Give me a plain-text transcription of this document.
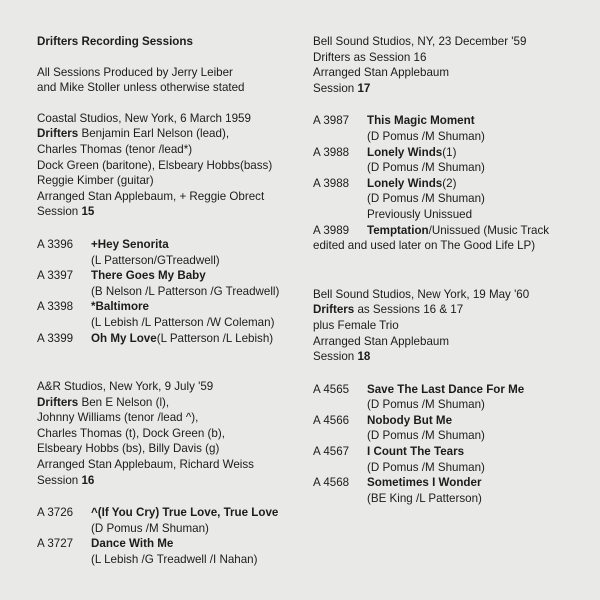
Drifters Recording Sessions
All Sessions Produced by Jerry Leiber
and Mike Stoller unless otherwise stated
Coastal Studios, New York, 6 March 1959
Drifters Benjamin Earl Nelson (lead),
Charles Thomas (tenor /lead*)
Dock Green (baritone), Elsbeary Hobbs(bass)
Reggie Kimber (guitar)
Arranged Stan Applebaum, + Reggie Obrect
Session 15
A 3396	+Hey Senorita
(L Patterson/GTreadwell)
A 3397	There Goes My Baby
(B Nelson /L Patterson /G Treadwell)
A 3398	*Baltimore
(L Lebish /L Patterson /W Coleman)
A 3399	Oh My Love (L Patterson /L Lebish)
A&R Studios, New York, 9 July '59
Drifters Ben E Nelson (l),
Johnny Williams (tenor /lead ^),
Charles Thomas (t), Dock Green (b),
Elsbeary Hobbs (bs), Billy Davis (g)
Arranged Stan Applebaum, Richard Weiss
Session 16
A 3726	^(If You Cry) True Love, True Love
(D Pomus /M Shuman)
A 3727	Dance With Me
(L Lebish /G Treadwell /I Nahan)
Bell Sound Studios, NY, 23 December '59
Drifters as Session 16
Arranged Stan Applebaum
Session 17
A 3987	This Magic Moment
(D Pomus /M Shuman)
A 3988	Lonely Winds (1)
(D Pomus /M Shuman)
A 3988	Lonely Winds (2)
(D Pomus /M Shuman)
Previously Unissued
A 3989	Temptation /Unissued (Music Track
edited and used later on The Good Life LP)
Bell Sound Studios, New York, 19 May '60
Drifters as Sessions 16 & 17
plus Female Trio
Arranged Stan Applebaum
Session 18
A 4565	Save The Last Dance For Me
(D Pomus /M Shuman)
A 4566	Nobody But Me
(D Pomus /M Shuman)
A 4567	I Count The Tears
(D Pomus /M Shuman)
A 4568	Sometimes I Wonder
(BE King /L Patterson)
